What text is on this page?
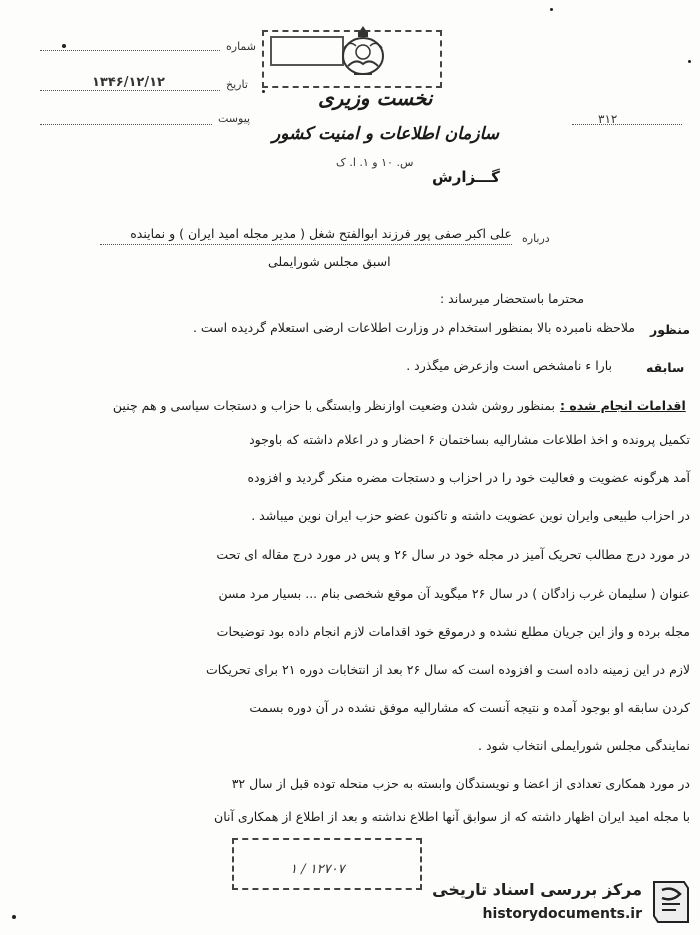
شماره
تاریخ
۱۳۴۶/۱۲/۱۲
پیوست	۳۱۲
نخست وزیری
سازمان اطلاعات و امنیت کشور
س. ۱۰ و ۱. ا. ک
گـــزارش
درباره
علی اکبر صفی پور فرزند ابوالفتح شغل ( مدیر مجله امید ایران ) و نماینده
اسبق مجلس شورایملی
محترما باستحضار میرساند :
منظور
ملاحظه نامبرده بالا بمنظور استخدام در وزارت اطلاعات ارضی استعلام گردیده است .
سابقه
بارا ء نامشخص است وازعرض میگذرد .
اقدامات انجام شده :
بمنظور روشن شدن وضعیت اوازنظر وابستگی با حزاب و دستجات سیاسی و هم چنین
تکمیل پرونده و اخذ اطلاعات مشارالیه بساختمان ۶ احضار و در اعلام داشته که باوجود
آمد هرگونه عضویت و فعالیت خود را در احزاب و دستجات مضره منکر گردید و افزوده
در احزاب طبیعی وایران نوین عضویت داشته و تاکنون عضو حزب ایران نوین میباشد .
در مورد درج مطالب تحریک آمیز در مجله خود در سال ۲۶ و پس در مورد درج مقاله ای تحت
عنوان ( سلیمان غرب زادگان ) در سال ۲۶ میگوید آن موقع شخصی بنام ... بسیار مرد مسن
مجله برده و واز این جریان مطلع نشده و درموقع خود اقدامات لازم انجام داده بود توضیحات
لازم در این زمینه داده است و افزوده است که سال ۲۶ بعد از انتخابات دوره ۲۱ برای تحریکات
کردن سابقه او بوجود آمده و نتیجه آنست که مشارالیه موفق نشده در آن دوره بسمت
نمایندگی مجلس شورایملی انتخاب شود .
در مورد همکاری تعدادی از اعضا و نویسندگان وابسته به حزب منحله توده قبل از سال ۳۲
با مجله امید ایران اظهار داشته که از سوابق آنها اطلاع نداشته و بعد از اطلاع از همکاری آنان
۱۲۷۰۷ / ۱
مرکز بررسی اسناد تاریخی
historydocuments.ir
